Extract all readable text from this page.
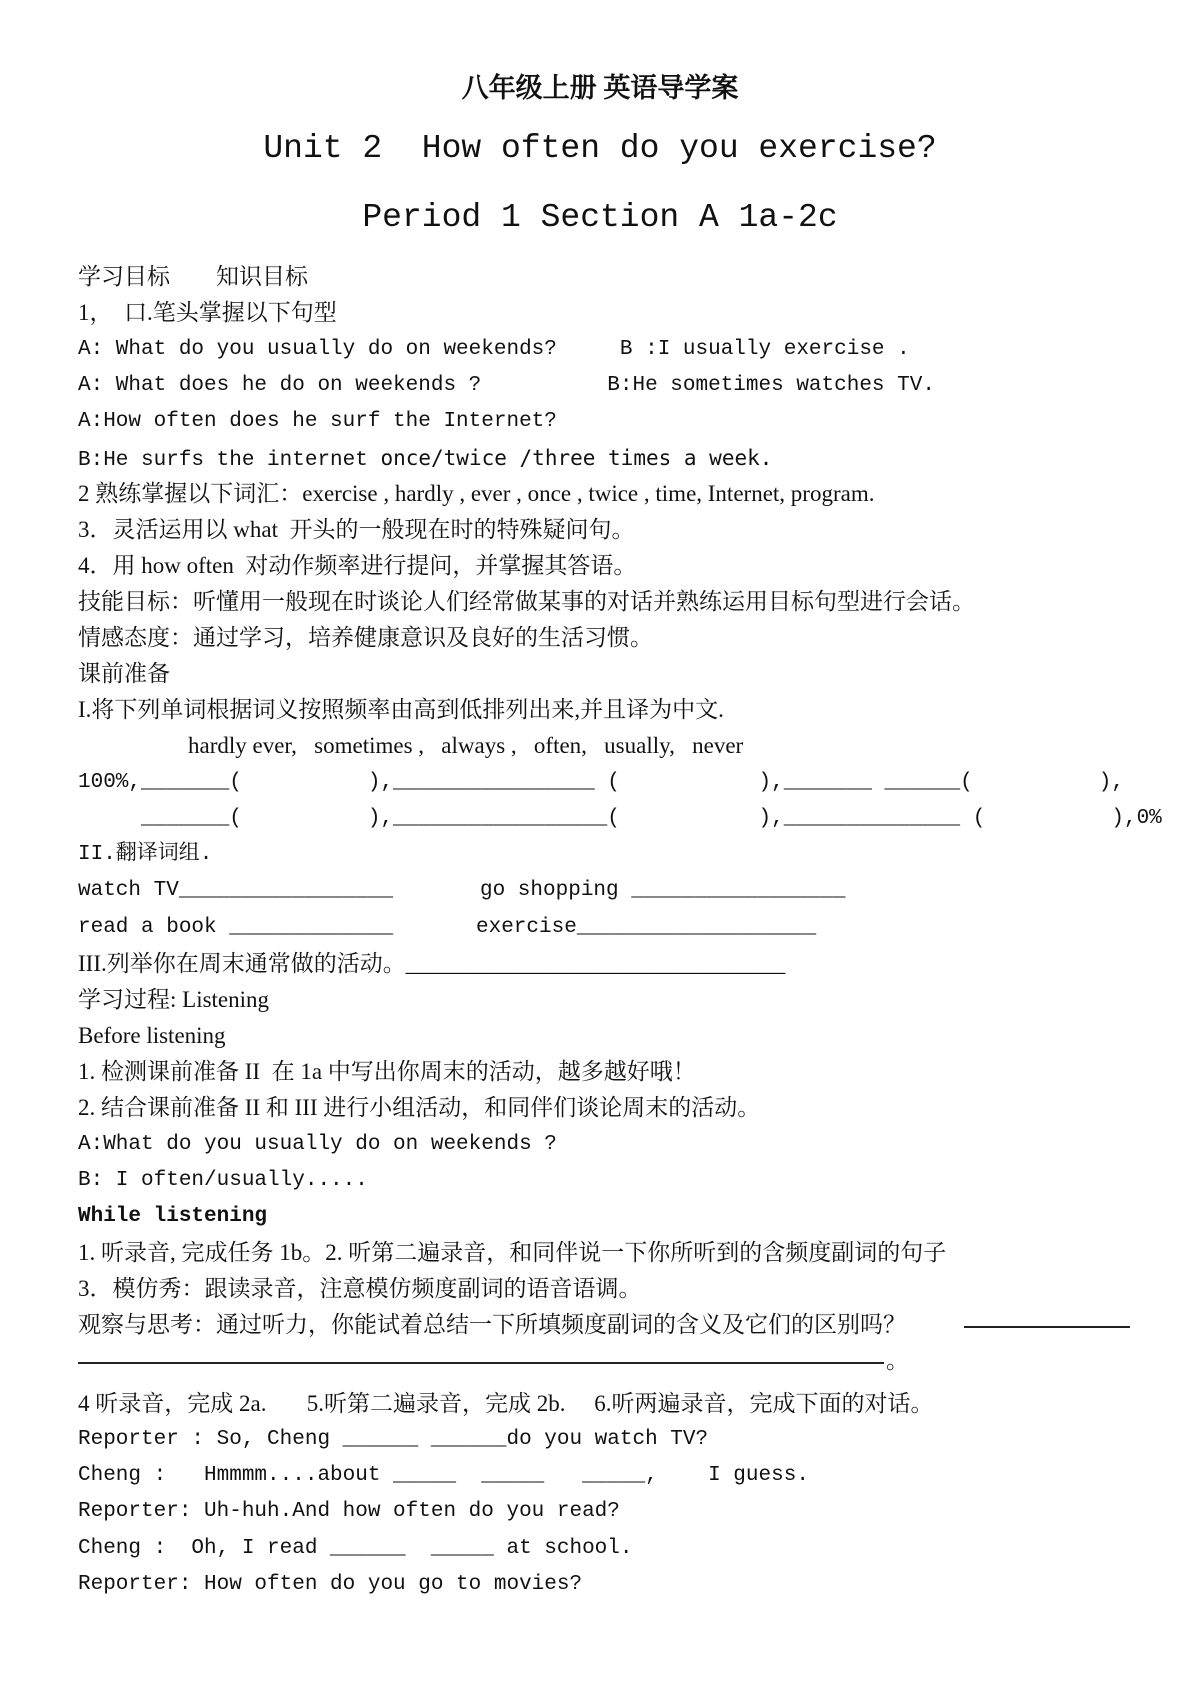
八年级上册 英语导学案
Unit 2  How often do you exercise?
Period 1 Section A 1a-2c
学习目标        知识目标
1，  口.笔头掌握以下句型
A: What do you usually do on weekends?     B :I usually exercise .
A: What does he do on weekends ?          B:He sometimes watches TV.
A:How often does he surf the Internet?
B:He surfs the internet once/twice /three times a week.
2 熟练掌握以下词汇：exercise , hardly , ever , once , twice , time, Internet, program.
3．灵活运用以 what  开头的一般现在时的特殊疑问句。
4．用 how often  对动作频率进行提问，并掌握其答语。
技能目标：听懂用一般现在时谈论人们经常做某事的对话并熟练运用目标句型进行会话。
情感态度：通过学习，培养健康意识及良好的生活习惯。
课前准备
I.将下列单词根据词义按照频率由高到低排列出来,并且译为中文.
hardly ever,   sometimes ,   always ,   often,   usually,   never
100%,_______(          ),________________ (           ),_______ ______(          ),
_______(          ),_________________(           ),______________ (          ),0%
II.翻译词组.
watch TV_________________	go shopping _________________
read a book _____________	exercise___________________
III.列举你在周末通常做的活动。_________________________________
学习过程: Listening
Before listening
1. 检测课前准备 II  在 1a 中写出你周末的活动，越多越好哦！
2. 结合课前准备 II 和 III 进行小组活动，和同伴们谈论周末的活动。
A:What do you usually do on weekends ?
B: I often/usually.....
While listening
1. 听录音, 完成任务 1b。2. 听第二遍录音，和同伴说一下你所听到的含频度副词的句子
3．模仿秀：跟读录音，注意模仿频度副词的语音语调。
观察与思考：通过听力，你能试着总结一下所填频度副词的含义及它们的区别吗？
。
4 听录音，完成 2a.       5.听第二遍录音，完成 2b.     6.听两遍录音，完成下面的对话。
Reporter : So, Cheng ______ ______do you watch TV?
Cheng :   Hmmmm....about _____  _____   _____,    I guess.
Reporter: Uh-huh.And how often do you read?
Cheng :  Oh, I read ______  _____ at school.
Reporter: How often do you go to movies?
